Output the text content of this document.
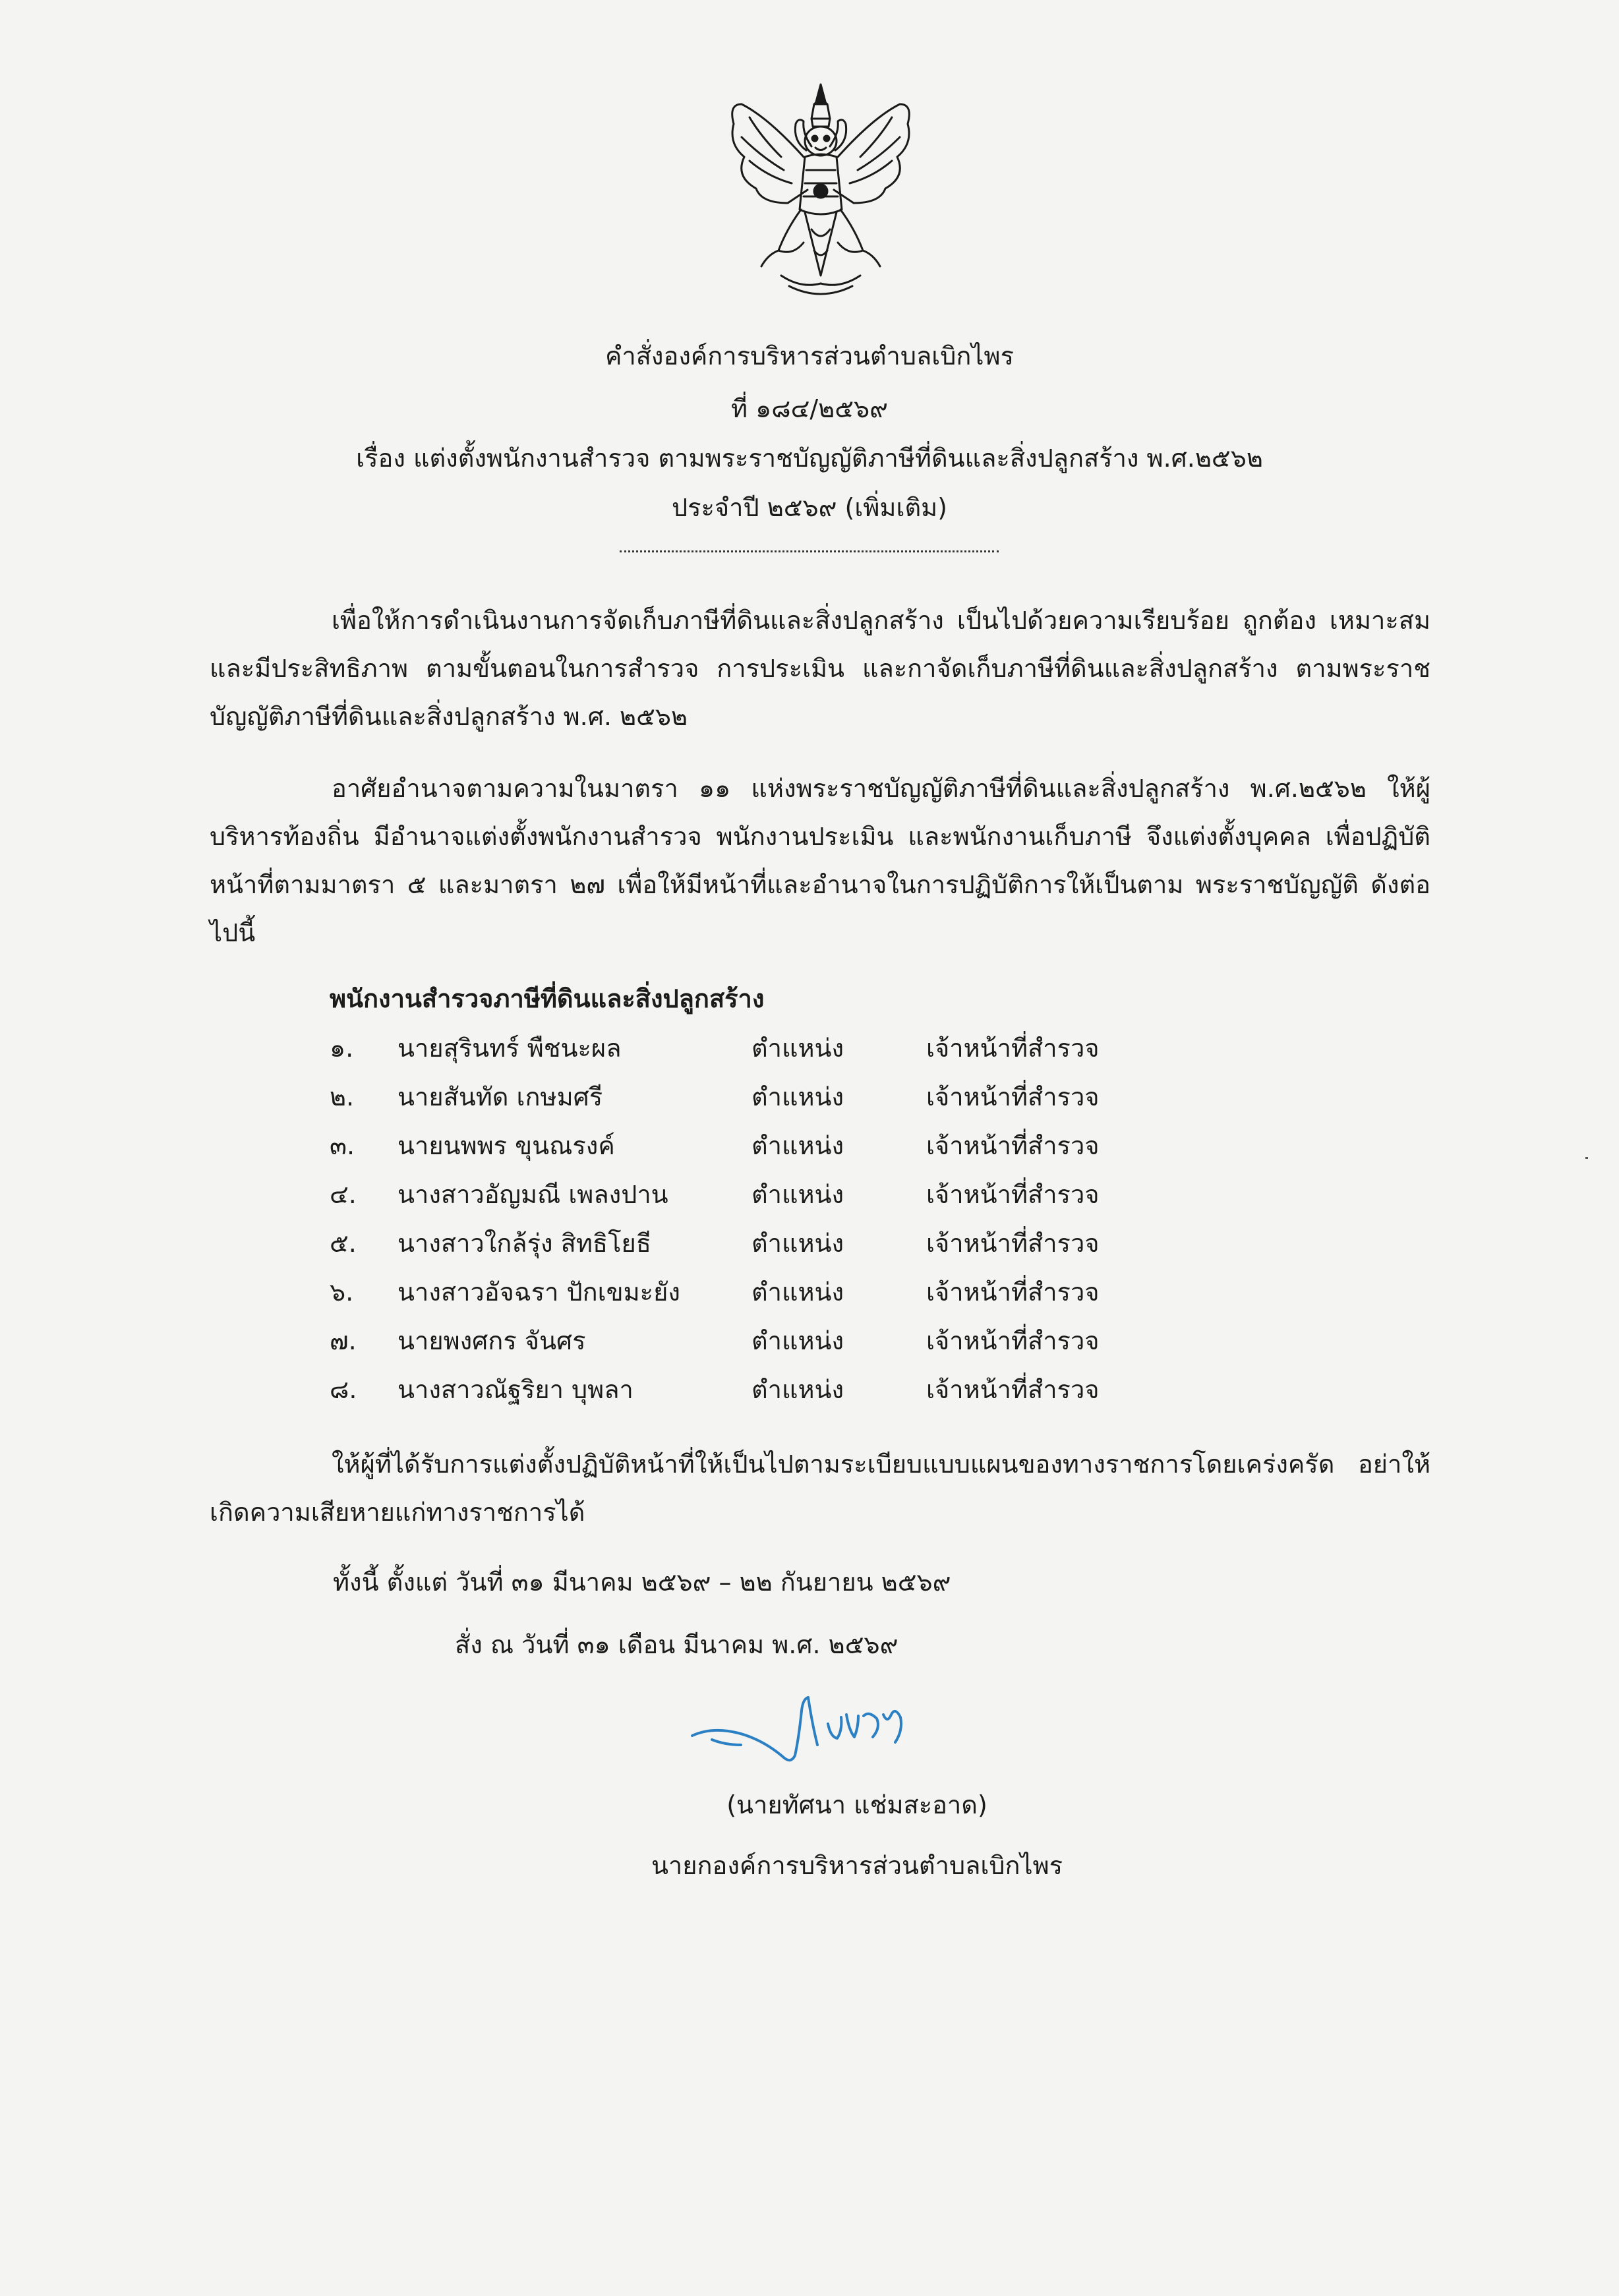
คำสั่งองค์การบริหารส่วนตำบลเบิกไพร
ที่ ๑๘๔/๒๕๖๙
เรื่อง แต่งตั้งพนักงานสำรวจ ตามพระราชบัญญัติภาษีที่ดินและสิ่งปลูกสร้าง พ.ศ.๒๕๖๒
ประจำปี ๒๕๖๙ (เพิ่มเติม)
เพื่อให้การดำเนินงานการจัดเก็บภาษีที่ดินและสิ่งปลูกสร้าง เป็นไปด้วยความเรียบร้อย ถูกต้อง เหมาะสม และมีประสิทธิภาพ ตามขั้นตอนในการสำรวจ การประเมิน และกาจัดเก็บภาษีที่ดินและสิ่งปลูกสร้าง ตามพระราชบัญญัติภาษีที่ดินและสิ่งปลูกสร้าง พ.ศ. ๒๕๖๒
อาศัยอำนาจตามความในมาตรา ๑๑ แห่งพระราชบัญญัติภาษีที่ดินและสิ่งปลูกสร้าง พ.ศ.๒๕๖๒ ให้ผู้บริหารท้องถิ่น มีอำนาจแต่งตั้งพนักงานสำรวจ พนักงานประเมิน และพนักงานเก็บภาษี จึงแต่งตั้งบุคคล เพื่อปฏิบัติหน้าที่ตามมาตรา ๕ และมาตรา ๒๗ เพื่อให้มีหน้าที่และอำนาจในการปฏิบัติการให้เป็นตาม พระราชบัญญัติ ดังต่อไปนี้
พนักงานสำรวจภาษีที่ดินและสิ่งปลูกสร้าง
๑. นายสุรินทร์ พืชนะผล	ตำแหน่ง	เจ้าหน้าที่สำรวจ
๒. นายสันทัด เกษมศรี	ตำแหน่ง	เจ้าหน้าที่สำรวจ
๓. นายนพพร ขุนณรงค์	ตำแหน่ง	เจ้าหน้าที่สำรวจ
๔. นางสาวอัญมณี เพลงปาน	ตำแหน่ง	เจ้าหน้าที่สำรวจ
๕. นางสาวใกล้รุ่ง สิทธิโยธี	ตำแหน่ง	เจ้าหน้าที่สำรวจ
๖. นางสาวอัจฉรา ปักเขมะยัง	ตำแหน่ง	เจ้าหน้าที่สำรวจ
๗. นายพงศกร จันศร	ตำแหน่ง	เจ้าหน้าที่สำรวจ
๘. นางสาวณัฐริยา บุพลา	ตำแหน่ง	เจ้าหน้าที่สำรวจ
ให้ผู้ที่ได้รับการแต่งตั้งปฏิบัติหน้าที่ให้เป็นไปตามระเบียบแบบแผนของทางราชการโดยเคร่งครัด อย่าให้เกิดความเสียหายแก่ทางราชการได้
ทั้งนี้ ตั้งแต่ วันที่ ๓๑ มีนาคม ๒๕๖๙ – ๒๒ กันยายน ๒๕๖๙
สั่ง ณ วันที่ ๓๑ เดือน มีนาคม พ.ศ. ๒๕๖๙
(นายทัศนา แช่มสะอาด)
นายกองค์การบริหารส่วนตำบลเบิกไพร
